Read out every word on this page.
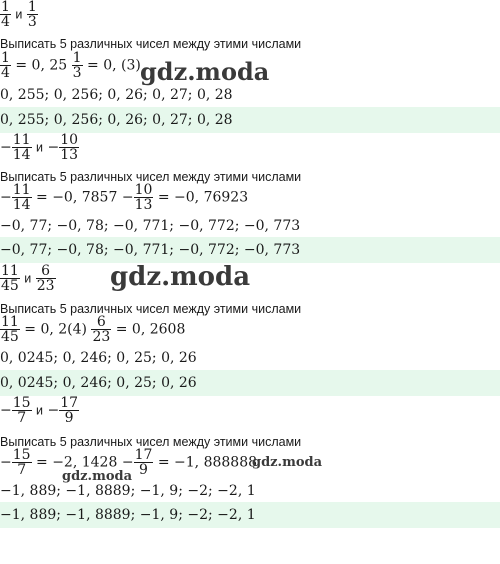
$\frac{1}{4}$ и $\frac{1}{3}$
Выписать 5 различных чисел между этими числами
$\frac{1}{4} = 0$, $25 \frac{1}{3} = 0$, (3)
0, 255; 0, 256; 0, 26; 0, 27; 0, 28
0, 255; 0, 256; 0, 26; 0, 27; 0, 28
− $\frac{11}{14}$ $и - \frac{10}{13}$
Выписать 5 различных чисел между этими числами
− $\frac{11}{14} = -0$, $7857 - \frac{10}{13} = -0$, 76923
−0, 77; −0, 78; −0, 771; −0, 772; −0, 773
−0, 77; −0, 78; −0, 771; −0, 772; −0, 773
$\frac{11}{45}$ и $\frac{6}{23}$
Выписать 5 различных чисел между этими числами
$\frac{11}{45} = 0$, $2(4) \frac{6}{23} = 0$, 2608
0, 0245; 0, 246; 0, 25; 0, 26
0, 0245; 0, 246; 0, 25; 0, 26
− $\frac{15}{7}$ $и - \frac{17}{9}$
Выписать 5 различных чисел между этими числами
− $\frac{15}{7} = -2$, $1428 - \frac{17}{9} = -1$, 888888
−1, 889; −1, 8889; −1, 9; −2; −2, 1
−1, 889; −1, 8889; −1, 9; −2; −2, 1
gdz.moda
gdz.moda
gdz.moda
gdz.moda
